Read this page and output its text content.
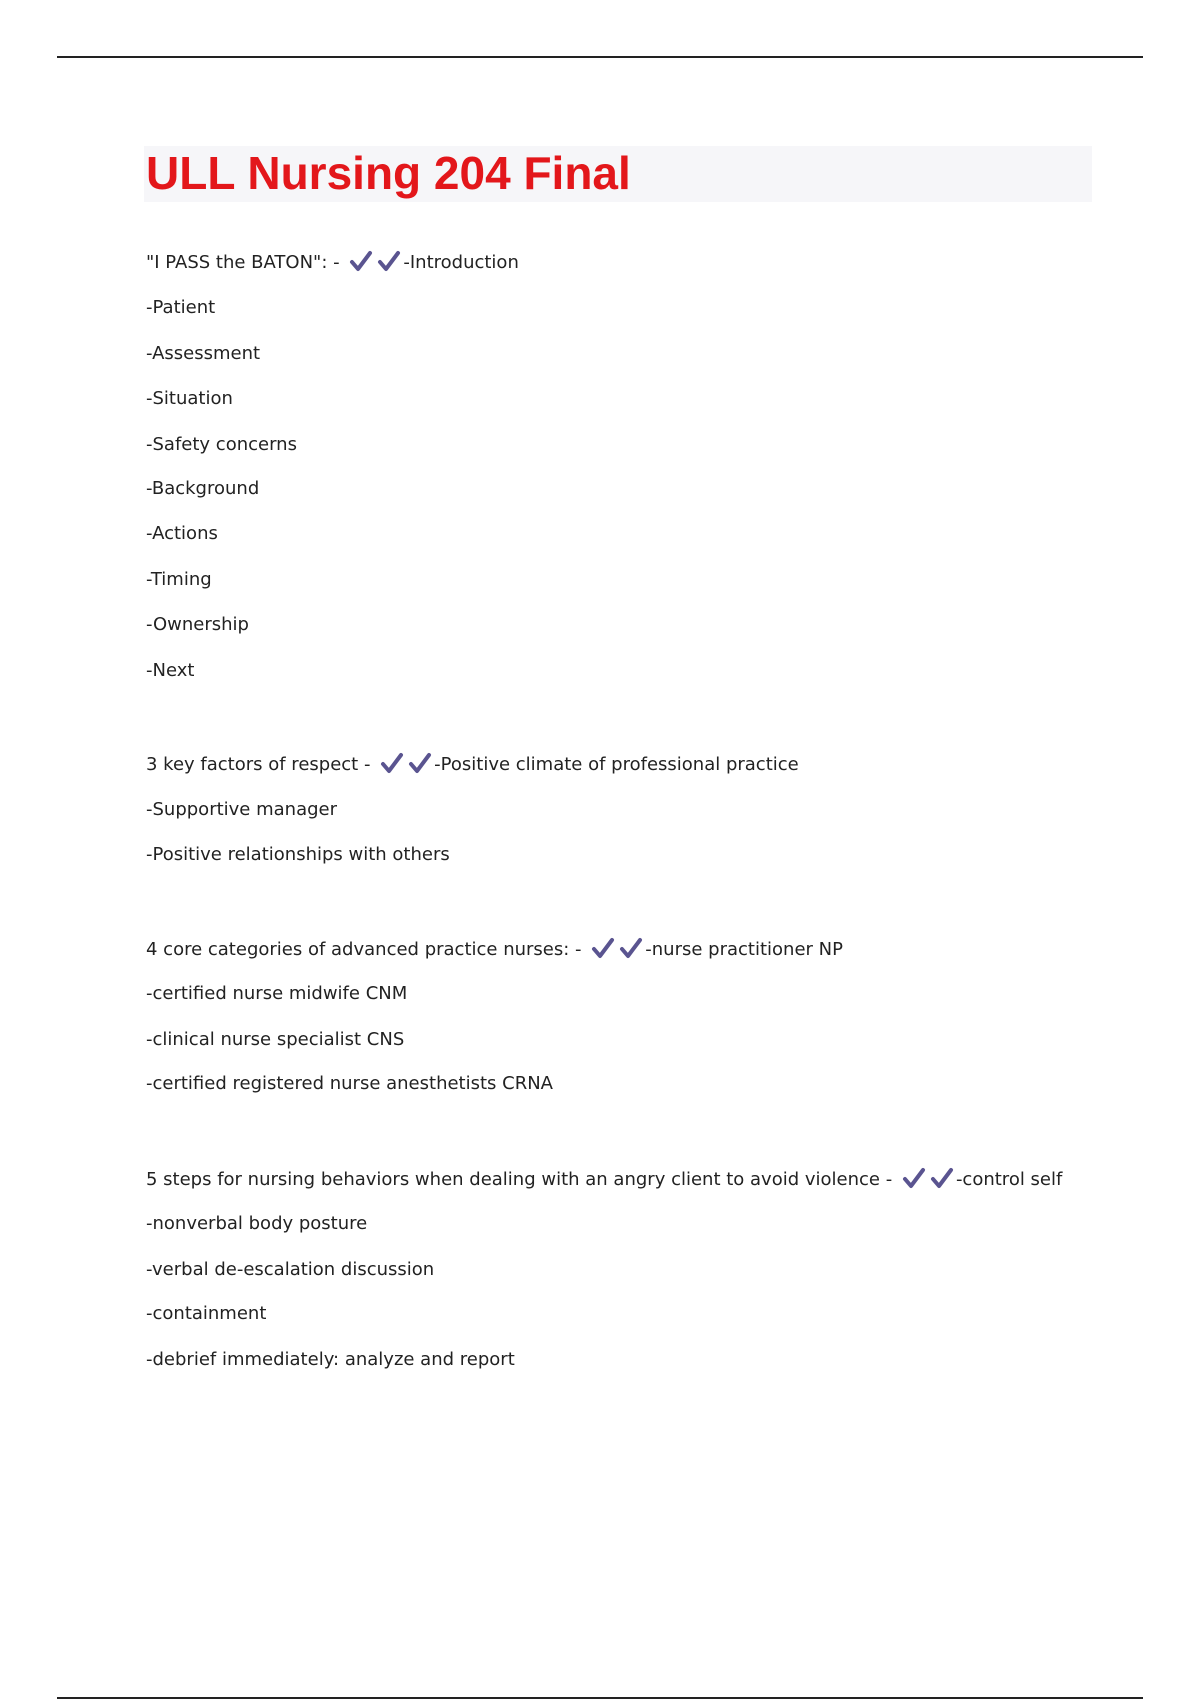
ULL Nursing 204 Final
"I PASS the BATON": -	-Introduction
-Patient
-Assessment
-Situation
-Safety concerns
-Background
-Actions
-Timing
-Ownership
-Next
3 key factors of respect -	-Positive climate of professional practice
-Supportive manager
-Positive relationships with others
4 core categories of advanced practice nurses: -	-nurse practitioner NP
-certified nurse midwife CNM
-clinical nurse specialist CNS
-certified registered nurse anesthetists CRNA
5 steps for nursing behaviors when dealing with an angry client to avoid violence -	-control self
-nonverbal body posture
-verbal de-escalation discussion
-containment
-debrief immediately: analyze and report
